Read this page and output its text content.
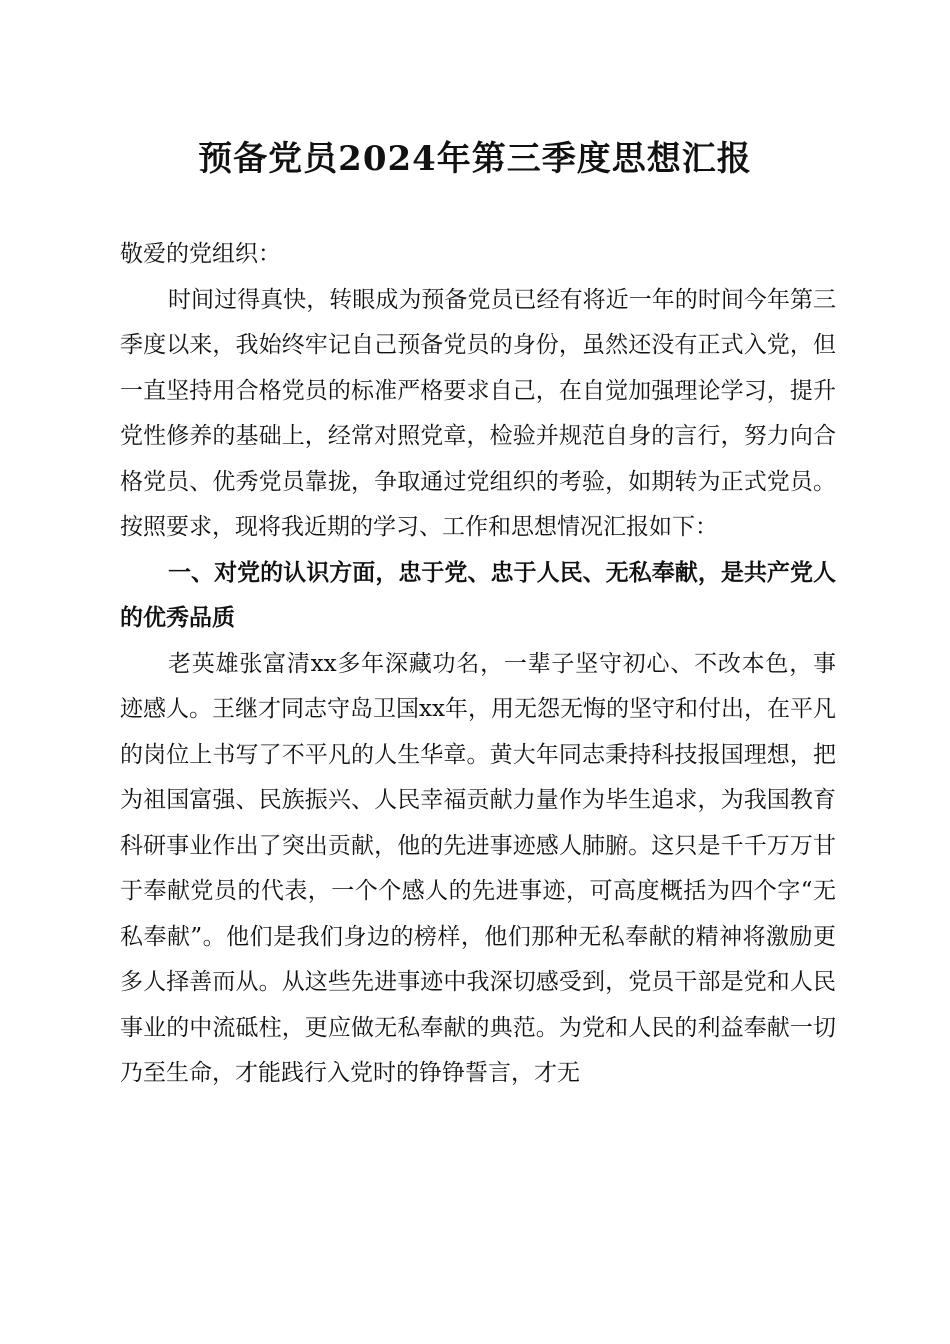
预备党员2024年第三季度思想汇报

敬爱的党组织：

时间过得真快，转眼成为预备党员已经有将近一年的时间今年第三季度以来，我始终牢记自己预备党员的身份，虽然还没有正式入党，但一直坚持用合格党员的标准严格要求自己，在自觉加强理论学习，提升党性修养的基础上，经常对照党章，检验并规范自身的言行，努力向合格党员、优秀党员靠拢，争取通过党组织的考验，如期转为正式党员。按照要求，现将我近期的学习、工作和思想情况汇报如下：

一、对党的认识方面，忠于党、忠于人民、无私奉献，是共产党人的优秀品质

老英雄张富清xx多年深藏功名，一辈子坚守初心、不改本色，事迹感人。王继才同志守岛卫国xx年，用无怨无悔的坚守和付出，在平凡的岗位上书写了不平凡的人生华章。黄大年同志秉持科技报国理想，把为祖国富强、民族振兴、人民幸福贡献力量作为毕生追求，为我国教育科研事业作出了突出贡献，他的先进事迹感人肺腑。这只是千千万万甘于奉献党员的代表，一个个感人的先进事迹，可高度概括为四个字“无私奉献”。他们是我们身边的榜样，他们那种无私奉献的精神将激励更多人择善而从。从这些先进事迹中我深切感受到，党员干部是党和人民事业的中流砥柱，更应做无私奉献的典范。为党和人民的利益奉献一切乃至生命，才能践行入党时的铮铮誓言，才无
